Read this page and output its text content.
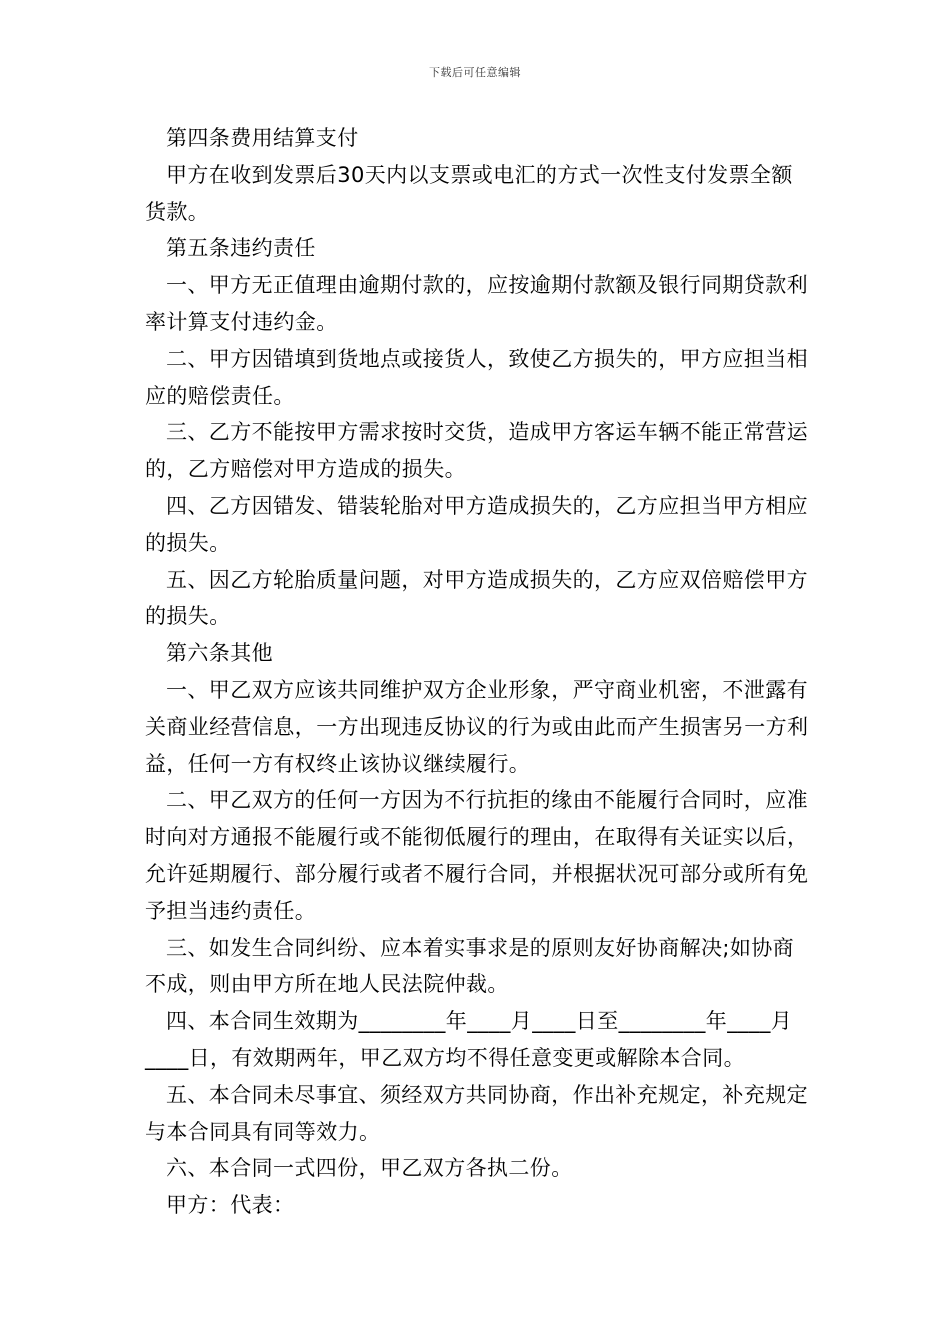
下载后可任意编辑

第四条费用结算支付

甲方在收到发票后30天内以支票或电汇的方式一次性支付发票全额货款。

第五条违约责任

一、甲方无正值理由逾期付款的，应按逾期付款额及银行同期贷款利率计算支付违约金。

二、甲方因错填到货地点或接货人，致使乙方损失的，甲方应担当相应的赔偿责任。

三、乙方不能按甲方需求按时交货，造成甲方客运车辆不能正常营运的，乙方赔偿对甲方造成的损失。

四、乙方因错发、错装轮胎对甲方造成损失的，乙方应担当甲方相应的损失。

五、因乙方轮胎质量问题，对甲方造成损失的，乙方应双倍赔偿甲方的损失。

第六条其他

一、甲乙双方应该共同维护双方企业形象，严守商业机密，不泄露有关商业经营信息，一方出现违反协议的行为或由此而产生损害另一方利益，任何一方有权终止该协议继续履行。

二、甲乙双方的任何一方因为不行抗拒的缘由不能履行合同时，应准时向对方通报不能履行或不能彻低履行的理由，在取得有关证实以后，允许延期履行、部分履行或者不履行合同，并根据状况可部分或所有免予担当违约责任。

三、如发生合同纠纷、应本着实事求是的原则友好协商解决;如协商不成，则由甲方所在地人民法院仲裁。

四、本合同生效期为________年____月____日至________年____月____日，有效期两年，甲乙双方均不得任意变更或解除本合同。

五、本合同未尽事宜、须经双方共同协商，作出补充规定，补充规定与本合同具有同等效力。

六、本合同一式四份，甲乙双方各执二份。

甲方：代表：
